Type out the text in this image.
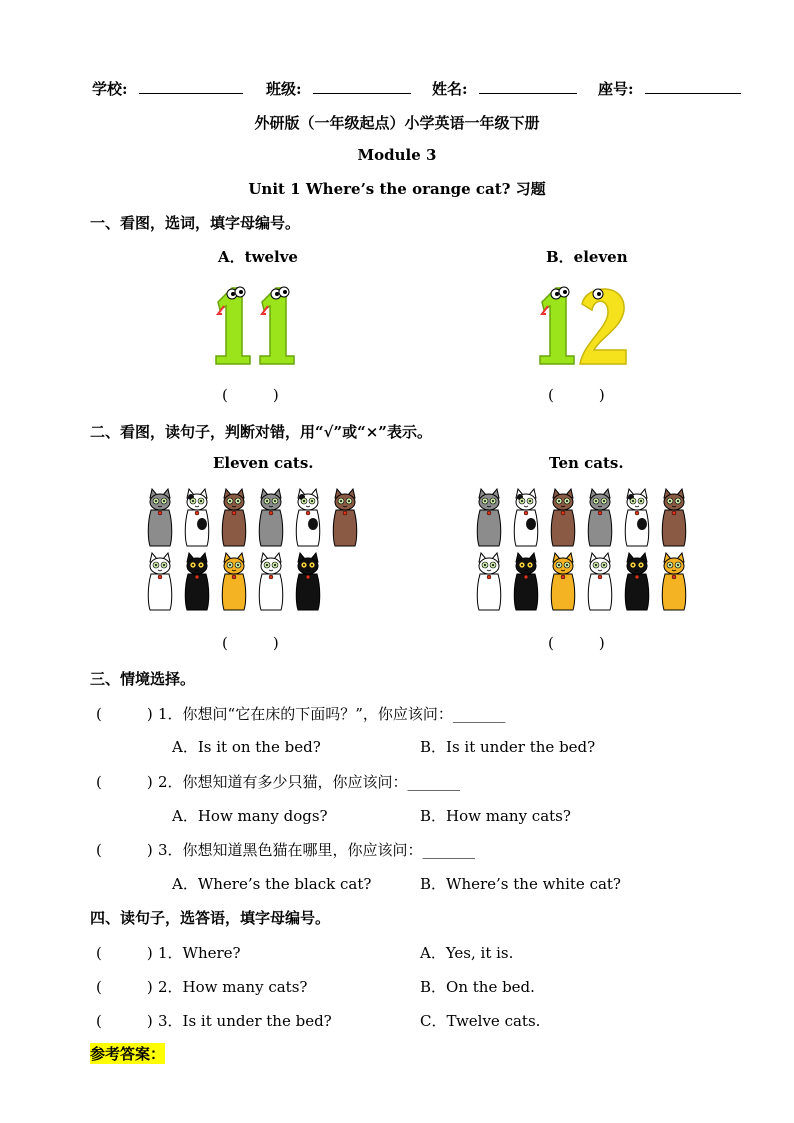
学校:	班级:	姓名:	座号:
外研版（一年级起点）小学英语一年级下册
Module 3
Unit 1 Where’s the orange cat? 习题
一、看图，选词，填字母编号。
A．twelve	B．eleven
(　　　)	(　　　)
二、看图，读句子，判断对错，用“√”或“×”表示。
Eleven cats.	Ten cats.
(　　　)	(　　　)
三、情境选择。
(　　　) 1．你想问“它在床的下面吗？”，你应该问：_______
A．Is it on the bed?	B．Is it under the bed?
(　　　) 2．你想知道有多少只猫，你应该问：_______
A．How many dogs?	B．How many cats?
(　　　) 3．你想知道黑色猫在哪里，你应该问：_______
A．Where’s the black cat?	B．Where’s the white cat?
四、读句子，选答语，填字母编号。
(　　　) 1．Where?	A．Yes, it is.
(　　　) 2．How many cats?	B．On the bed.
(　　　) 3．Is it under the bed?	C．Twelve cats.
参考答案：
